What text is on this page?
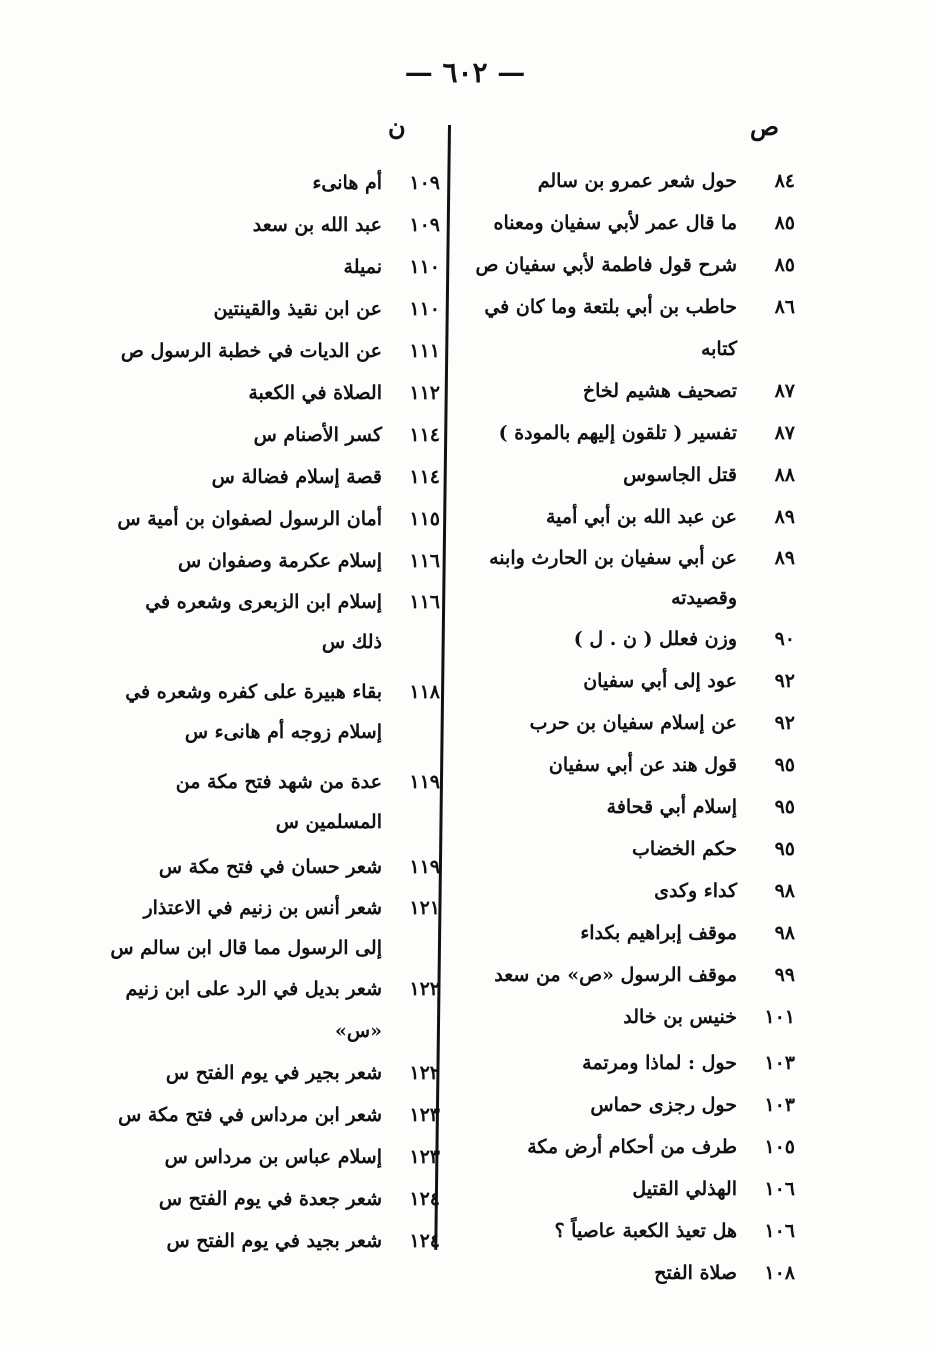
— ٦٠٢ —
ص
ن
٨٤
حول شعر عمرو بن سالم
٨٥
ما قال عمر لأبي سفيان ومعناه
٨٥
شرح قول فاطمة لأبي سفيان ص
٨٦
حاطب بن أبي بلتعة وما كان في كتابه
٨٧
تصحيف هشيم لخاخ
٨٧
تفسير ( تلقون إليهم بالمودة )
٨٨
قتل الجاسوس
٨٩
عن عبد الله بن أبي أمية
٨٩
عن أبي سفيان بن الحارث وابنه وقصيدته
٩٠
وزن فعلل ( ن . ل )
٩٢
عود إلى أبي سفيان
٩٢
عن إسلام سفيان بن حرب
٩٥
قول هند عن أبي سفيان
٩٥
إسلام أبي قحافة
٩٥
حكم الخضاب
٩٨
كداء وكدى
٩٨
موقف إبراهيم بكداء
٩٩
موقف الرسول «ص» من سعد
١٠١
خنيس بن خالد
١٠٣
حول : لماذا ومرتمة
١٠٣
حول رجزى حماس
١٠٥
طرف من أحكام أرض مكة
١٠٦
الهذلي القتيل
١٠٦
هل تعيذ الكعبة عاصياً ؟
١٠٨
صلاة الفتح
١٠٩
أم هانىء
١٠٩
عبد الله بن سعد
١١٠
نميلة
١١٠
عن ابن نقيذ والقينتين
١١١
عن الديات في خطبة الرسول ص
١١٢
الصلاة في الكعبة
١١٤
كسر الأصنام س
١١٤
قصة إسلام فضالة س
١١٥
أمان الرسول لصفوان بن أمية س
١١٦
إسلام عكرمة وصفوان س
١١٦
إسلام ابن الزبعرى وشعره في ذلك س
١١٨
بقاء هبيرة على كفره وشعره في إسلام زوجه أم هانىء س
١١٩
عدة من شهد فتح مكة من المسلمين س
١١٩
شعر حسان في فتح مكة س
١٢١
شعر أنس بن زنيم في الاعتذار إلى الرسول مما قال ابن سالم س
١٢٢
شعر بديل في الرد على ابن زنيم «س»
١٢٢
شعر بجير في يوم الفتح س
١٢٣
شعر ابن مرداس في فتح مكة س
١٢٣
إسلام عباس بن مرداس س
١٢٤
شعر جعدة في يوم الفتح س
١٢٤
شعر بجيد في يوم الفتح س
